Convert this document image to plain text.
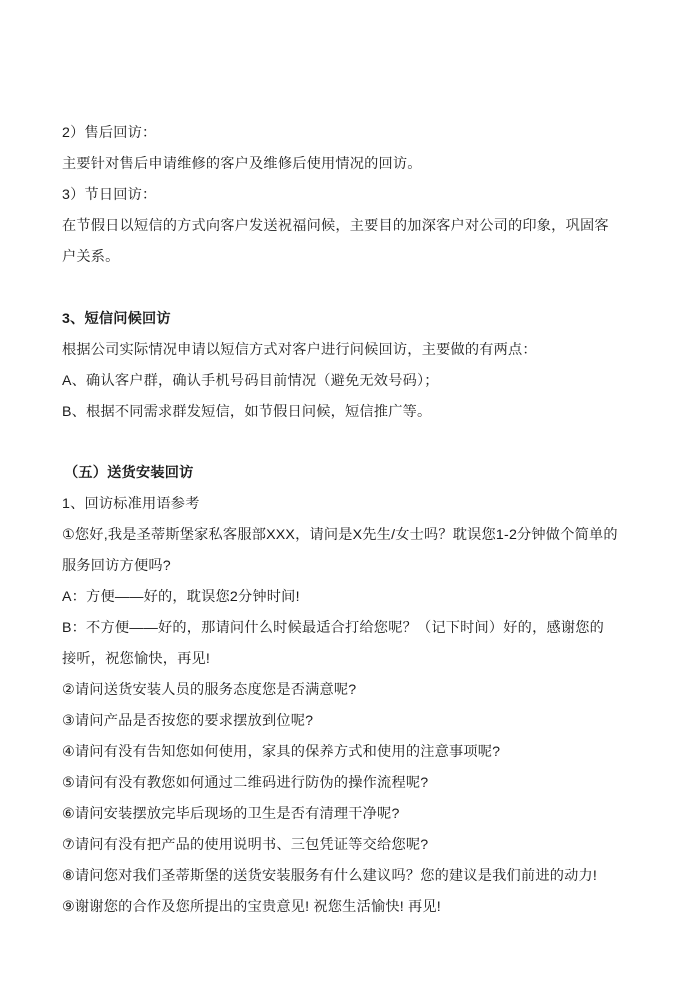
2）售后回访：

主要针对售后申请维修的客户及维修后使用情况的回访。

3）节日回访：

在节假日以短信的方式向客户发送祝福问候，主要目的加深客户对公司的印象，巩固客户关系。

3、短信问候回访

根据公司实际情况申请以短信方式对客户进行问候回访，主要做的有两点：

A、确认客户群，确认手机号码目前情况（避免无效号码）；

B、根据不同需求群发短信，如节假日问候，短信推广等。

（五）送货安装回访

1、回访标准用语参考

①您好,我是圣蒂斯堡家私客服部XXX，请问是X先生/女士吗？耽误您1-2分钟做个简单的服务回访方便吗?

A：方便——好的，耽误您2分钟时间!

B：不方便——好的，那请问什么时候最适合打给您呢？（记下时间）好的，感谢您的接听，祝您愉快，再见!

②请问送货安装人员的服务态度您是否满意呢?

③请问产品是否按您的要求摆放到位呢?

④请问有没有告知您如何使用，家具的保养方式和使用的注意事项呢?

⑤请问有没有教您如何通过二维码进行防伪的操作流程呢?

⑥请问安装摆放完毕后现场的卫生是否有清理干净呢?

⑦请问有没有把产品的使用说明书、三包凭证等交给您呢?

⑧请问您对我们圣蒂斯堡的送货安装服务有什么建议吗？您的建议是我们前进的动力!

⑨谢谢您的合作及您所提出的宝贵意见! 祝您生活愉快! 再见!
